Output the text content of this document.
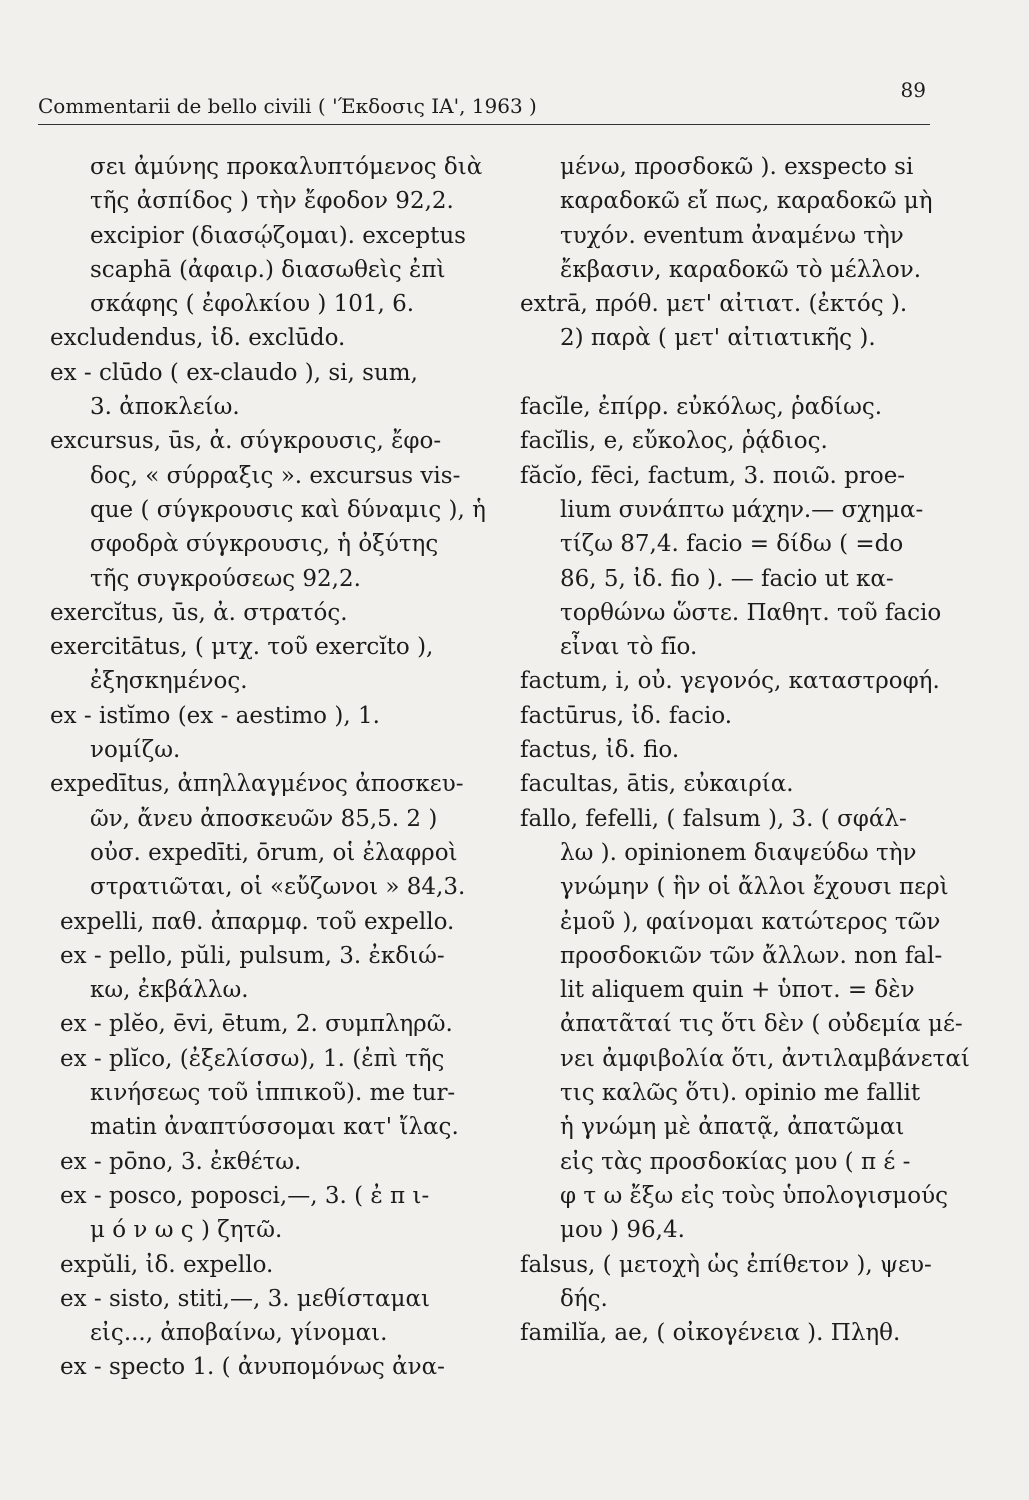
Commentarii de bello civili ( 'Έκδοσις ΙΑ', 1963 )
89
σει ἀμύνης προκαλυπτόμενος διὰ
τῆς ἀσπίδος ) τὴν ἔφοδον 92,2.
excipior (διασῴζομαι). exceptus
scaphā (ἀφαιρ.) διασωθεὶς ἐπὶ
σκάφης ( ἐφολκίου ) 101, 6.
excludendus, ἰδ. exclūdo.
ex - clūdo ( ex-claudo ), si, sum,
3. ἀποκλείω.
excursus, ūs, ἀ. σύγκρουσις, ἔφο-
δος, « σύρραξις ». excursus vis-
que ( σύγκρουσις καὶ δύναμις ), ἡ
σφοδρὰ σύγκρουσις, ἡ ὀξύτης
τῆς συγκρούσεως 92,2.
exercĭtus, ūs, ἀ. στρατός.
exercitātus, ( μτχ. τοῦ exercĭto ),
ἐξησκημένος.
ex - istĭmo (ex - aestimo ), 1.
νομίζω.
expedītus, ἀπηλλαγμένος ἀποσκευ-
ῶν, ἄνευ ἀποσκευῶν 85,5. 2 )
οὐσ. expedīti, ōrum, οἱ ἐλαφροὶ
στρατιῶται, οἱ «εὔζωνοι » 84,3.
expelli, παθ. ἀπαρμφ. τοῦ expello.
ex - pello, pŭli, pulsum, 3. ἐκδιώ-
κω, ἐκβάλλω.
ex - plĕo, ēvi, ētum, 2. συμπληρῶ.
ex - plĭco, (ἐξελίσσω), 1. (ἐπὶ τῆς
κινήσεως τοῦ ἱππικοῦ). me tur-
matin ἀναπτύσσομαι κατ' ἴλας.
ex - pōno, 3. ἐκθέτω.
ex - posco, poposci,—, 3. ( ἐ π ι-
μ ό ν ω ς ) ζητῶ.
expŭli, ἰδ. expello.
ex - sisto, stiti,—, 3. μεθίσταμαι
εἰς..., ἀποβαίνω, γίνομαι.
ex - specto 1. ( ἀνυπομόνως ἀνα-
μένω, προσδοκῶ ). exspecto si
καραδοκῶ εἴ πως, καραδοκῶ μὴ
τυχόν. eventum ἀναμένω τὴν
ἔκβασιν, καραδοκῶ τὸ μέλλον.
extrā, πρόθ. μετ' αἰτιατ. (ἐκτός ).
2) παρὰ ( μετ' αἰτιατικῆς ).
facĭle, ἐπίρρ. εὐκόλως, ῥαδίως.
facĭlis, e, εὔκολος, ῥᾴδιος.
făcĭo, fēci, factum, 3. ποιῶ. proe-
lium συνάπτω μάχην.— σχημα-
τίζω 87,4. facio = δίδω ( =do
86, 5, ἰδ. fio ). — facio ut κα-
τορθώνω ὥστε. Παθητ. τοῦ facio
εἶναι τὸ fīo.
factum, i, οὐ. γεγονός, καταστροφή.
factūrus, ἰδ. facio.
factus, ἰδ. fio.
facultas, ātis, εὐκαιρία.
fallo, fefelli, ( falsum ), 3. ( σφάλ-
λω ). opinionem διαψεύδω τὴν
γνώμην ( ἣν οἱ ἄλλοι ἔχουσι περὶ
ἐμοῦ ), φαίνομαι κατώτερος τῶν
προσδοκιῶν τῶν ἄλλων. non fal-
lit aliquem quin + ὑποτ. = δὲν
ἀπατᾶταί τις ὅτι δὲν ( οὐδεμία μέ-
νει ἀμφιβολία ὅτι, ἀντιλαμβάνεταί
τις καλῶς ὅτι). opinio me fallit
ἡ γνώμη μὲ ἀπατᾷ, ἀπατῶμαι
εἰς τὰς προσδοκίας μου ( π έ -
φ τ ω ἔξω εἰς τοὺς ὑπολογισμούς
μου ) 96,4.
falsus, ( μετοχὴ ὡς ἐπίθετον ), ψευ-
δής.
familĭa, ae, ( οἰκογένεια ). Πληθ.
